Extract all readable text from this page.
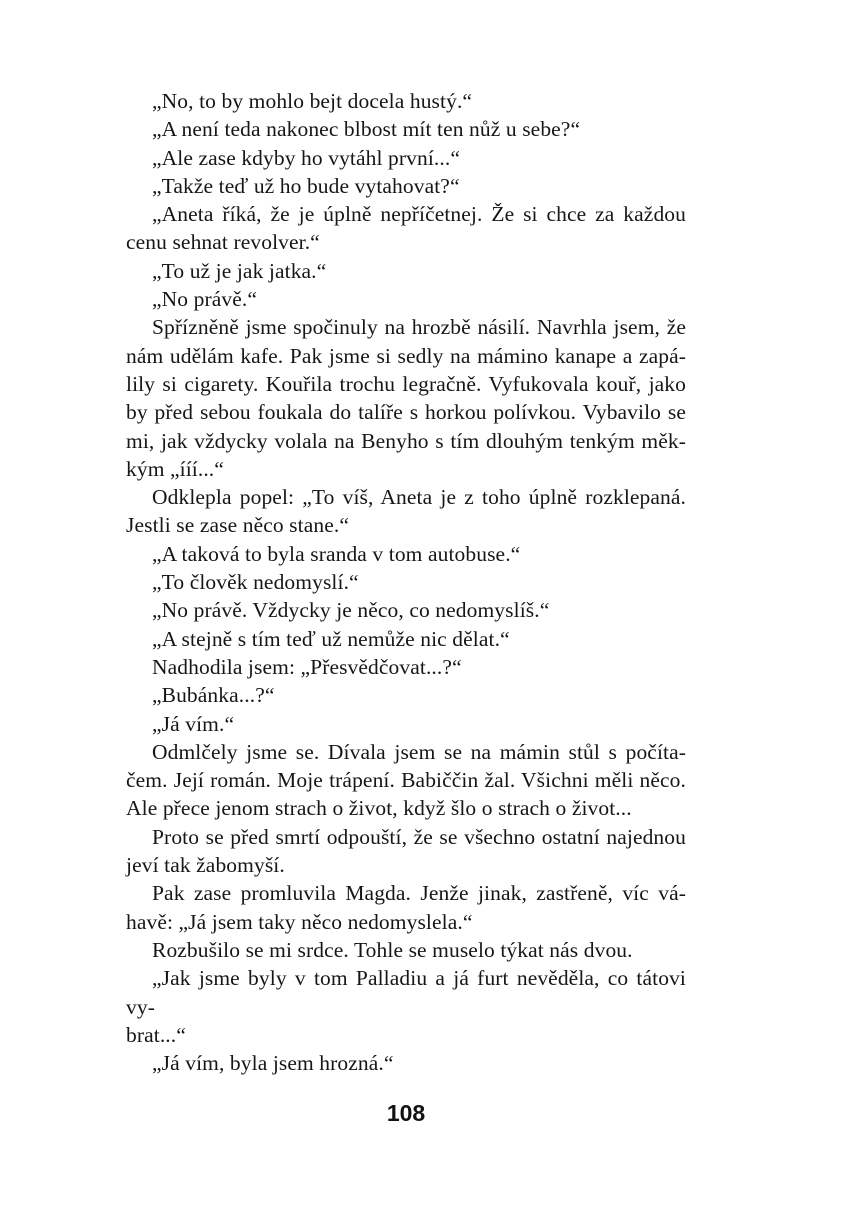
„No, to by mohlo bejt docela hustý.“
„A není teda nakonec blbost mít ten nůž u sebe?“
„Ale zase kdyby ho vytáhl první...“
„Takže teď už ho bude vytahovat?“
„Aneta říká, že je úplně nepříčetnej. Že si chce za každou
cenu sehnat revolver.“
„To už je jak jatka.“
„No právě.“
Spřízněně jsme spočinuly na hrozbě násilí. Navrhla jsem, že
nám udělám kafe. Pak jsme si sedly na mámino kanape a zapá-
lily si cigarety. Kouřila trochu legračně. Vyfukovala kouř, jako
by před sebou foukala do talíře s horkou polívkou. Vybavilo se
mi, jak vždycky volala na Benyho s tím dlouhým tenkým měk-
kým „ííí...“
Odklepla popel: „To víš, Aneta je z toho úplně rozklepaná.
Jestli se zase něco stane.“
„A taková to byla sranda v tom autobuse.“
„To člověk nedomyslí.“
„No právě. Vždycky je něco, co nedomyslíš.“
„A stejně s tím teď už nemůže nic dělat.“
Nadhodila jsem: „Přesvědčovat...?“
„Bubánka...?“
„Já vím.“
Odmlčely jsme se. Dívala jsem se na mámin stůl s počíta-
čem. Její román. Moje trápení. Babiččin žal. Všichni měli něco.
Ale přece jenom strach o život, když šlo o strach o život...
Proto se před smrtí odpouští, že se všechno ostatní najednou
jeví tak žabomyší.
Pak zase promluvila Magda. Jenže jinak, zastřeně, víc vá-
havě: „Já jsem taky něco nedomyslela.“
Rozbušilo se mi srdce. Tohle se muselo týkat nás dvou.
„Jak jsme byly v tom Palladiu a já furt nevěděla, co tátovi vy-
brat...“
„Já vím, byla jsem hrozná.“
108
